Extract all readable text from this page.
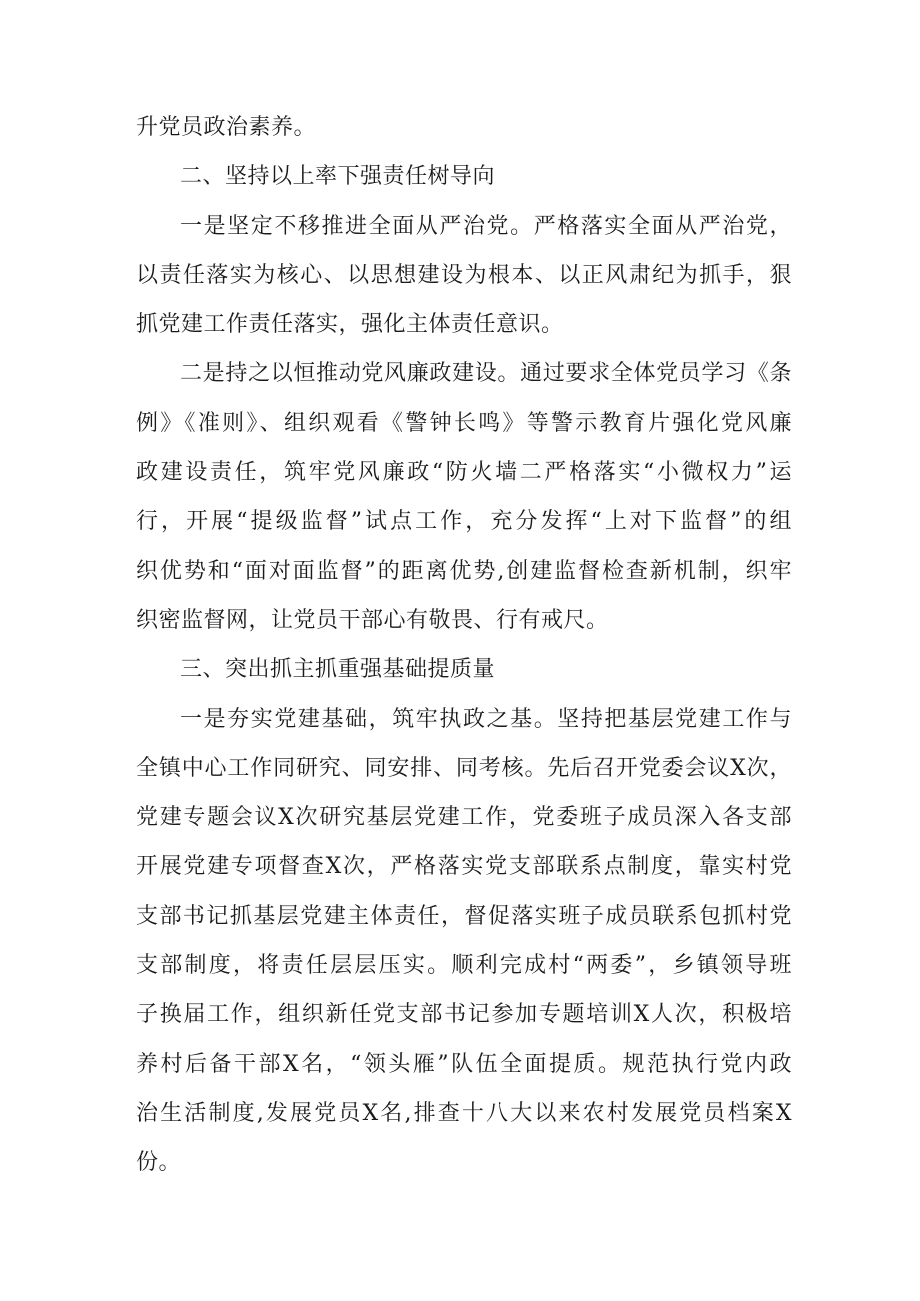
升党员政治素养。

二、坚持以上率下强责任树导向

一是坚定不移推进全面从严治党。严格落实全面从严治党，
以责任落实为核心、以思想建设为根本、以正风肃纪为抓手，狠
抓党建工作责任落实，强化主体责任意识。

二是持之以恒推动党风廉政建设。通过要求全体党员学习《条
例》《准则》、组织观看《警钟长鸣》等警示教育片强化党风廉
政建设责任，筑牢党风廉政“防火墙二严格落实“小微权力”运
行，开展“提级监督”试点工作，充分发挥“上对下监督”的组
织优势和“面对面监督”的距离优势,创建监督检查新机制，织牢
织密监督网，让党员干部心有敬畏、行有戒尺。

三、突出抓主抓重强基础提质量

一是夯实党建基础，筑牢执政之基。坚持把基层党建工作与
全镇中心工作同研究、同安排、同考核。先后召开党委会议X次，
党建专题会议X次研究基层党建工作，党委班子成员深入各支部
开展党建专项督查X次，严格落实党支部联系点制度，靠实村党
支部书记抓基层党建主体责任，督促落实班子成员联系包抓村党
支部制度，将责任层层压实。顺利完成村“两委”，乡镇领导班
子换届工作，组织新任党支部书记参加专题培训X人次，积极培
养村后备干部X名，“领头雁”队伍全面提质。规范执行党内政
治生活制度,发展党员X名,排查十八大以来农村发展党员档案X
份。
